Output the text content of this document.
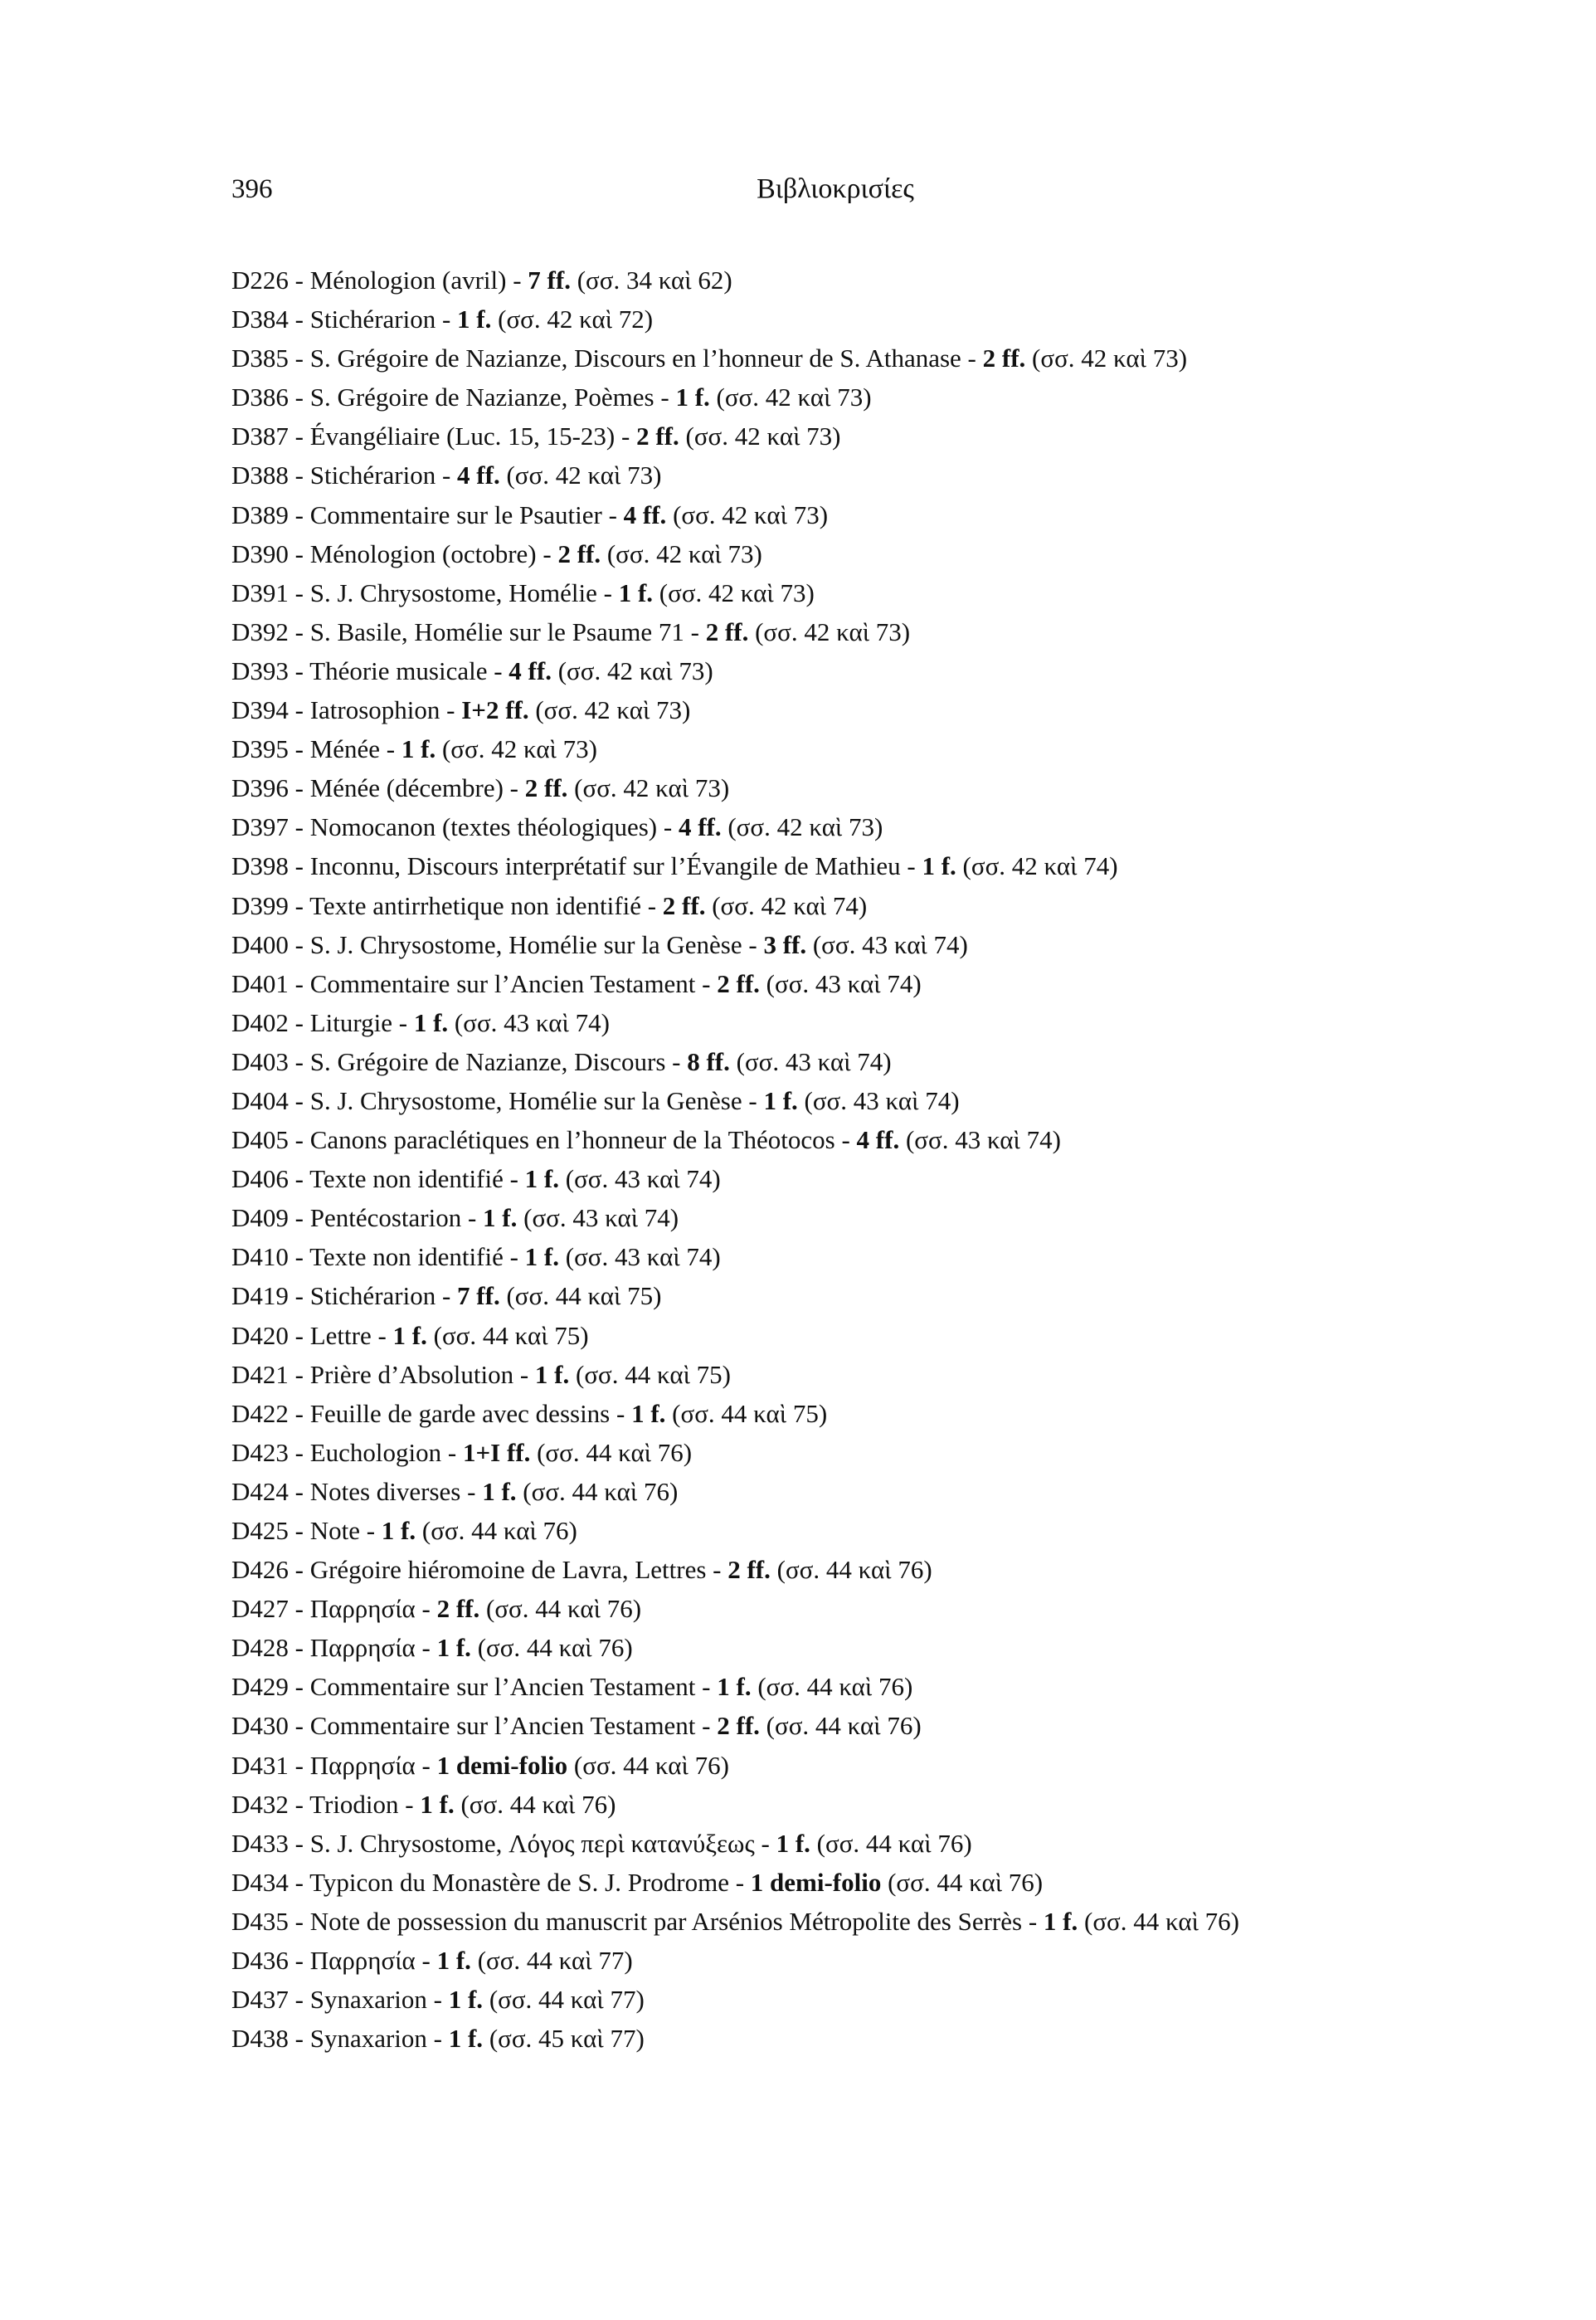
396	Βιβλιοκρισίες
D226 - Ménologion (avril) - 7 ff. (σσ. 34 καὶ 62)
D384 - Stichérarion - 1 f. (σσ. 42 καὶ 72)
D385 - S. Grégoire de Nazianze, Discours en l’honneur de S. Athanase - 2 ff. (σσ. 42 καὶ 73)
D386 - S. Grégoire de Nazianze, Poèmes - 1 f. (σσ. 42 καὶ 73)
D387 - Évangéliaire (Luc. 15, 15-23) - 2 ff. (σσ. 42 καὶ 73)
D388 - Stichérarion - 4 ff. (σσ. 42 καὶ 73)
D389 - Commentaire sur le Psautier - 4 ff. (σσ. 42 καὶ 73)
D390 - Ménologion (octobre) - 2 ff. (σσ. 42 καὶ 73)
D391 - S. J. Chrysostome, Homélie - 1 f. (σσ. 42 καὶ 73)
D392 - S. Basile, Homélie sur le Psaume 71 - 2 ff. (σσ. 42 καὶ 73)
D393 - Théorie musicale - 4 ff. (σσ. 42 καὶ 73)
D394 - Iatrosophion - I+2 ff. (σσ. 42 καὶ 73)
D395 - Ménée - 1 f. (σσ. 42 καὶ 73)
D396 - Ménée (décembre) - 2 ff. (σσ. 42 καὶ 73)
D397 - Nomocanon (textes théologiques) - 4 ff. (σσ. 42 καὶ 73)
D398 - Inconnu, Discours interprétatif sur l’Évangile de Mathieu - 1 f. (σσ. 42 καὶ 74)
D399 - Texte antirrhetique non identifié - 2 ff. (σσ. 42 καὶ 74)
D400 - S. J. Chrysostome, Homélie sur la Genèse - 3 ff. (σσ. 43 καὶ 74)
D401 - Commentaire sur l’Ancien Testament - 2 ff. (σσ. 43 καὶ 74)
D402 - Liturgie - 1 f. (σσ. 43 καὶ 74)
D403 - S. Grégoire de Nazianze, Discours - 8 ff. (σσ. 43 καὶ 74)
D404 - S. J. Chrysostome, Homélie sur la Genèse - 1 f. (σσ. 43 καὶ 74)
D405 - Canons paraclétiques en l’honneur de la Théotocos - 4 ff. (σσ. 43 καὶ 74)
D406 - Texte non identifié - 1 f. (σσ. 43 καὶ 74)
D409 - Pentécostarion - 1 f. (σσ. 43 καὶ 74)
D410 - Texte non identifié - 1 f. (σσ. 43 καὶ 74)
D419 - Stichérarion - 7 ff. (σσ. 44 καὶ 75)
D420 - Lettre - 1 f. (σσ. 44 καὶ 75)
D421 - Prière d’Absolution - 1 f. (σσ. 44 καὶ 75)
D422 - Feuille de garde avec dessins - 1 f. (σσ. 44 καὶ 75)
D423 - Euchologion - 1+I ff. (σσ. 44 καὶ 76)
D424 - Notes diverses - 1 f. (σσ. 44 καὶ 76)
D425 - Note - 1 f. (σσ. 44 καὶ 76)
D426 - Grégoire hiéromoine de Lavra, Lettres - 2 ff. (σσ. 44 καὶ 76)
D427 - Παρρησία - 2 ff. (σσ. 44 καὶ 76)
D428 - Παρρησία - 1 f. (σσ. 44 καὶ 76)
D429 - Commentaire sur l’Ancien Testament - 1 f. (σσ. 44 καὶ 76)
D430 - Commentaire sur l’Ancien Testament - 2 ff. (σσ. 44 καὶ 76)
D431 - Παρρησία - 1 demi-folio (σσ. 44 καὶ 76)
D432 - Triodion - 1 f. (σσ. 44 καὶ 76)
D433 - S. J. Chrysostome, Λόγος περὶ κατανύξεως - 1 f. (σσ. 44 καὶ 76)
D434 - Typicon du Monastère de S. J. Prodrome - 1 demi-folio (σσ. 44 καὶ 76)
D435 - Note de possession du manuscrit par Arsénios Métropolite des Serrès - 1 f. (σσ. 44 καὶ 76)
D436 - Παρρησία - 1 f. (σσ. 44 καὶ 77)
D437 - Synaxarion - 1 f. (σσ. 44 καὶ 77)
D438 - Synaxarion - 1 f. (σσ. 45 καὶ 77)
